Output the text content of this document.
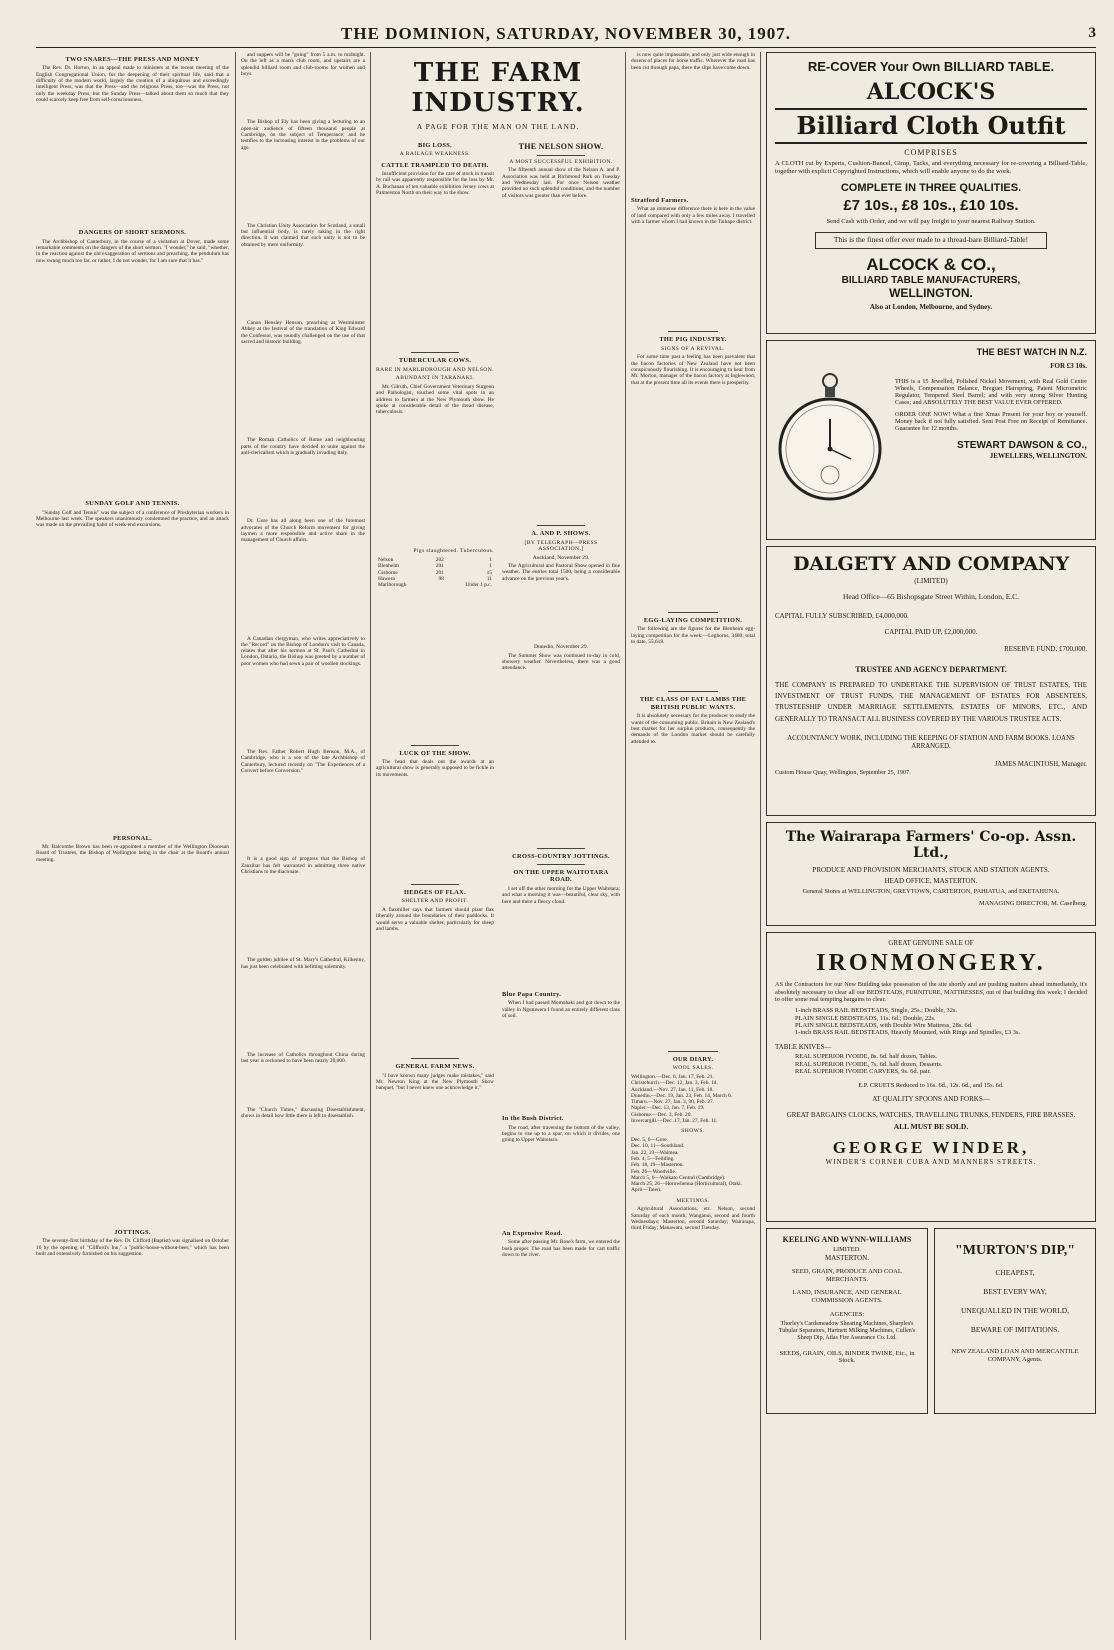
THE DOMINION, SATURDAY, NOVEMBER 30, 1907.	3
TWO SNARES—THE PRESS AND MONEY

The Rev. Dr. Horton, in an appeal made to ministers at the recent meeting of the English Congregational Union, for the deepening of their spiritual life, said that a difficulty of the modern world, largely the creation of a ubiquitous and exceedingly intelligent Press, was that the Press—and the religious Press, too—was the Press, not only the weekday Press, but the Sunday Press—talked about them so much that they could scarcely keep free from self-consciousness.

DANGERS OF SHORT SERMONS.

The Archbishop of Canterbury, in the course of a visitation at Dover, made some remarkable comments on the dangers of the short sermon. "I wonder," he said, "whether, in the reaction against the old exaggeration of sermons and preaching, the pendulum has now swung much too far, or rather, I do not wonder, for I am sure that it has."

SUNDAY GOLF AND TENNIS.

"Sunday Golf and Tennis" was the subject of a conference of Presbyterian workers in Melbourne last week. The speakers unanimously condemned the practice, and an attack was made on the prevailing habit of week-end excursions.

PERSONAL.

Mr. Balcombe Brown has been re-appointed a member of the Wellington Diocesan Board of Trustees, the Bishop of Wellington being in the chair at the Board's annual meeting.

JOTTINGS.

The seventy-first birthday of the Rev. Dr. Clifford (Baptist) was signalised on October 16 by the opening of "Clifford's Inn," a "public-house-without-beer," which has been built and extensively furnished on his suggestion.

and suppers will be "going" from 5 a.m. to midnight. On the left as a man's club room, and upstairs are a splendid billiard room and club-rooms for women and boys.

The Bishop of Ely has been giving a lecturing to an open-air audience of fifteen thousand people at Cambridge, on the subject of Temperance; and he testifies to the increasing interest in the problems of our age.

The Christian Unity Association for Scotland, a small but influential body, is rarely taking in the right direction. It was claimed that such unity is not to be obtained by mere uniformity.

Canon Hensley Henson, preaching at Westminster Abbey at the festival of the translation of King Edward the Confessor, was roundly challenged on the use of that sacred and historic building.

The Roman Catholics of Rome and neighbouring parts of the country have decided to unite against the anti-clericalism which is gradually invading Italy.

Dr. Gore has all along been one of the foremost advocates of the Church Reform movement for giving laymen a more responsible and active share in the management of Church affairs.

A Canadian clergyman, who writes appreciatively to the "Record" on the Bishop of London's visit to Canada, relates that after his sermon at St. Paul's Cathedral in London, Ontario, the Bishop was greeted by a number of poor women who had sewn a pair of woollen stockings.

The Rev. Father Robert Hugh Benson, M.A., of Cambridge, who is a son of the late Archbishop of Canterbury, lectured recently on "The Experiences of a Convert before Conversion."

It is a good sign of progress that the Bishop of Zanzibar has felt warranted in admitting three native Christians to the diaconate.

The golden jubilee of St. Mary's Cathedral, Kilkenny, has just been celebrated with befitting solemnity.

The increase of Catholics throughout China during last year is reckoned to have been nearly 20,000.

The "Church Times," discussing Disestablishment, shows in detail how little there is left to disestablish.

THE FARM INDUSTRY.
A PAGE FOR THE MAN ON THE LAND.
BIG LOSS.
A RAILAGE WEAKNESS.
CATTLE TRAMPLED TO DEATH.

Insufficient provision for the care of stock in transit by rail was apparently responsible for the loss by Mr. A. Buchanan of ten valuable exhibition Jersey cows at Palmerston North on their way to the show.

TUBERCULAR COWS.
RARE IN MARLBOROUGH AND NELSON.
ABUNDANT IN TARANAKI.

Mr. Gilruth, Chief Government Veterinary Surgeon and Pathologist, touched some vital spots in an address to farmers at the New Plymouth show. He spoke at considerable detail of the dread disease, tuberculosis.

Pigs slaughtered. Tuberculous.
Nelson	202	1
Blenheim	201	1
Gisborne	201	15
Hawera	98	11
Marlborough		Under 1 p.c.
LUCK OF THE SHOW.

The head that deals out the awards at an agricultural show is generally supposed to be fickle in its movements.

HEDGES OF FLAX.
SHELTER AND PROFIT.

A flaxmiller says that farmers should plant flax liberally around the boundaries of their paddocks. It would serve a valuable shelter, particularly for sheep and lambs.

GENERAL FARM NEWS.

"I have known many judges make mistakes," said Mr. Newton King at the New Plymouth Show banquet, "but I never knew one acknowledge it."

THE NELSON SHOW.
A MOST SUCCESSFUL EXHIBITION.

The fifteenth annual show of the Nelson A. and P. Association was held at Richmond Park on Tuesday and Wednesday last. For once Nelson weather provided no such splendid conditions, and the number of visitors was greater than ever before.

A. AND P. SHOWS.
[BY TELEGRAPH—PRESS ASSOCIATION.]
Auckland, November 29.

The Agricultural and Pastoral Show opened in fine weather. The entries total 1500, being a considerable advance on the previous year's.

Dunedin, November 29.

The Summer Show was continued to-day in cold, showery weather. Nevertheless, there was a good attendance.

CROSS-COUNTRY JOTTINGS.
ON THE UPPER WAITOTARA ROAD.

I set off the other morning for the Upper Waitotara; and what a morning it was—beautiful, clear sky, with here and there a fleecy cloud.

Blue Papa Country.

When I had passed Momohaki and got down to the valley in Ngutuwera I found an entirely different class of soil.

In the Bush District.

The road, after traversing the bottom of the valley, begins to rise up to a spur, on which it divides, one going to Upper Waitotara.

An Expensive Road.

Some after passing Mr. Rose's farm, we entered the bush proper. The road has been made for cart traffic down to the river.

is now quite impassable, and only just wide enough in dozens of places for horse traffic. Wherever the road has been cut through papa, there the slips have come down.

Stratford Farmers.

What an immense difference there is here in the value of land compared with only a few miles away. I travelled with a farmer whom I had known in the Taihape district.

THE PIG INDUSTRY.
SIGNS OF A REVIVAL.

For some time past a feeling has been prevalent that the bacon factories of New Zealand have not been conspicuously flourishing. It is encouraging to hear from Mr. Morton, manager of the bacon factory at Inglewood, that at the present time all its events there is prosperity.

EGG-LAYING COMPETITION.

The following are the figures for the Blenheim egg-laying competition for the week:—Leghorns, 3480; total to date, 55,618.

THE CLASS OF FAT LAMBS THE BRITISH PUBLIC WANTS.

It is absolutely necessary for the producer to study the wants of the consuming public. Britain is New Zealand's best market for her surplus products, consequently the demands of the London market should be carefully attended to.

OUR DIARY.
WOOL SALES.
Wellington.—Dec. 6, Jan. 17, Feb. 21.
Christchurch.—Dec. 12, Jan. 3, Feb. 14.
Auckland.—Nov. 27, Jan. 11, Feb. 18.
Dunedin.—Dec. 19, Jan. 23, Feb. 14, March 6.
Timaru.—Nov. 27, Jan. 3, 30, Feb. 27.
Napier.—Dec. 13, Jan. 7, Feb. 19.
Gisborne.—Dec. 3, Feb. 20.
Invercargill.—Dec. 17, Jan. 27, Feb. 11.
SHOWS.
Dec. 5, 6—Gore.
Dec. 10, 11—Southland.
Jan. 22, 23—Waimea.
Feb. 4, 5—Feilding.
Feb. 18, 19—Masterton.
Feb. 26—Woodville.
March 5, 6—Waikato Central (Cambridge).
March 25, 26—Horowhenua (Horticultural), Otaki.
April—Taieri.
MEETINGS.

Agricultural Associations, etc. Nelson, second Saturday of each month; Wanganui, second and fourth Wednesdays; Masterton, second Saturday; Wairarapa, third Friday; Manawatu, second Tuesday.

RE-COVER Your Own BILLIARD TABLE.
ALCOCK'S
Billiard Cloth Outfit
COMPRISES
A CLOTH cut by Experts, Cushion-Bancel, Gimp, Tacks, and everything necessary for re-covering a Billiard-Table, together with explicit Copyrighted Instructions, which will enable anyone to do the work.
COMPLETE IN THREE QUALITIES.
£7 10s., £8 10s., £10 10s.
Send Cash with Order, and we will pay freight to your nearest Railway Station.
This is the finest offer ever made to a thread-bare Billiard-Table!
ALCOCK & CO.,
BILLIARD TABLE MANUFACTURERS,
WELLINGTON.
Also at London, Melbourne, and Sydney.
THE BEST WATCH IN N.Z.
FOR £3 10s.
THIS is a 15 Jewelled, Polished Nickel Movement, with Real Gold Centre Wheels, Compensation Balance, Breguet Hairspring, Patent Micrometric Regulator, Tempered Steel Barrel; and with very strong Silver Hunting Cases; and ABSOLUTELY THE BEST VALUE EVER OFFERED.
ORDER ONE NOW! What a fine Xmas Present for your boy or yourself. Money back if not fully satisfied. Sent Post Free on Receipt of Remittance. Guarantee for 12 months.
STEWART DAWSON & CO.,
JEWELLERS, WELLINGTON.
DALGETY AND COMPANY
(LIMITED)
Head Office—65 Bishopsgate Street Within, London, E.C.
CAPITAL FULLY SUBSCRIBED, £4,000,000.
CAPITAL PAID UP, £2,000,000.
RESERVE FUND, £700,000.
TRUSTEE AND AGENCY DEPARTMENT.
THE COMPANY IS PREPARED TO UNDERTAKE THE SUPERVISION OF TRUST ESTATES, THE INVESTMENT OF TRUST FUNDS, THE MANAGEMENT OF ESTATES FOR ABSENTEES, TRUSTEESHIP UNDER MARRIAGE SETTLEMENTS, ESTATES OF MINORS, ETC., AND GENERALLY TO TRANSACT ALL BUSINESS COVERED BY THE VARIOUS TRUSTEE ACTS.
ACCOUNTANCY WORK, INCLUDING THE KEEPING OF STATION AND FARM BOOKS. LOANS ARRANGED.
JAMES MACINTOSH, Manager.
Custom House Quay, Wellington, September 25, 1907.
The Wairarapa Farmers' Co-op. Assn. Ltd.,
PRODUCE AND PROVISION MERCHANTS, STOCK AND STATION AGENTS.
HEAD OFFICE, MASTERTON.
General Stores at WELLINGTON, GREYTOWN, CARTERTON, PAHIATUA, and EKETAHUNA.
MANAGING DIRECTOR, M. Caselberg.
GREAT GENUINE SALE OF
IRONMONGERY.
AS the Contractors for our New Building take possession of the site shortly and are pushing matters ahead immediately, it's absolutely necessary to clear all our BEDSTEADS, FURNITURE, MATTRESSES, out of that building this week; I decided to offer some real tempting bargains to clear.
1-inch BRASS RAIL BEDSTEADS, Single, 25s.; Double, 32s.
PLAIN SINGLE BEDSTEADS, 11s. 6d.; Double, 22s.
PLAIN SINGLE BEDSTEADS, with Double Wire Mattress, 28s. 6d.
1-inch BRASS RAIL BEDSTEADS, Heavily Mounted, with Rings and Spindles, £3 3s.
TABLE KNIVES—
REAL SUPERIOR IVOIDE, 8s. 6d. half dozen, Tables.
REAL SUPERIOR IVOIDE, 7s. 6d. half dozen, Desserts.
REAL SUPERIOR IVOIDE CARVERS, 9s. 6d. pair.
E.P. CRUETS Reduced to 16s. 6d., 12s. 6d., and 15s. 6d.
AT QUALITY SPOONS AND FORKS—
GREAT BARGAINS CLOCKS, WATCHES, TRAVELLING TRUNKS, FENDERS, FIRE BRASSES.
ALL MUST BE SOLD.
GEORGE WINDER,
WINDER'S CORNER CUBA AND MANNERS STREETS.
KEELING AND WYNN-WILLIAMS
LIMITED.
MASTERTON.
SEED, GRAIN, PRODUCE AND COAL MERCHANTS.
LAND, INSURANCE, AND GENERAL COMMISSION AGENTS.
AGENCIES:
Thorley's Cardsmeadow Shearing Machines, Sharples's Tubular Separators, Hartnett Milking Machines, Cullen's Sheep Dip, Atlas Fire Assurance Co. Ltd.
SEEDS, GRAIN, OILS, BINDER TWINE, Etc., in Stock.
"MURTON'S DIP,"
CHEAPEST,
BEST EVERY WAY,
UNEQUALLED IN THE WORLD,
BEWARE OF IMITATIONS.
NEW ZEALAND LOAN AND MERCANTILE COMPANY, Agents.
